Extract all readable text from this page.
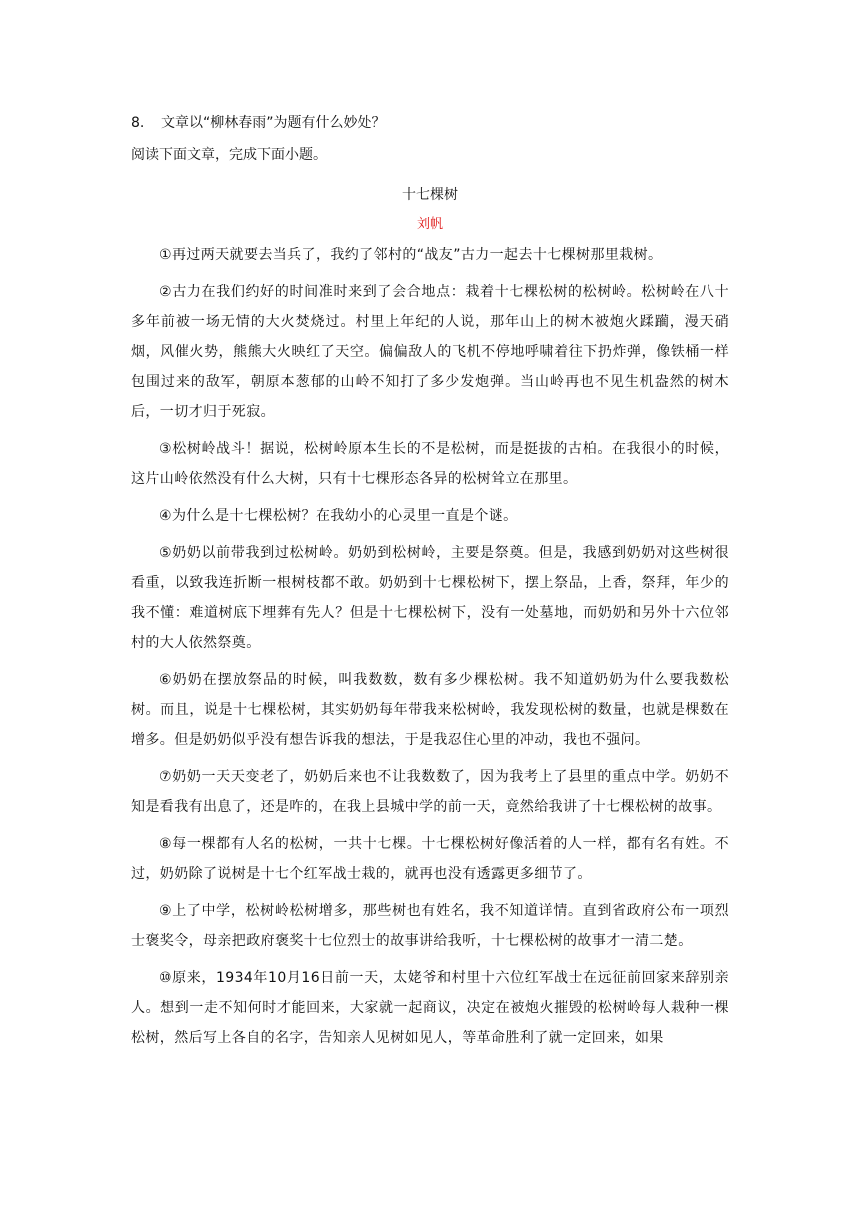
8. 文章以“柳林春雨”为题有什么妙处？
阅读下面文章，完成下面小题。
十七棵树
刘帆

①再过两天就要去当兵了，我约了邻村的“战友”古力一起去十七棵树那里栽树。

②古力在我们约好的时间准时来到了会合地点：栽着十七棵松树的松树岭。松树岭在八十多年前被一场无情的大火焚烧过。村里上年纪的人说，那年山上的树木被炮火蹂躏，漫天硝烟，风催火势，熊熊大火映红了天空。偏偏敌人的飞机不停地呼啸着往下扔炸弹，像铁桶一样包围过来的敌军，朝原本葱郁的山岭不知打了多少发炮弹。当山岭再也不见生机盎然的树木后，一切才归于死寂。

③松树岭战斗！据说，松树岭原本生长的不是松树，而是挺拔的古柏。在我很小的时候，这片山岭依然没有什么大树，只有十七棵形态各异的松树耸立在那里。

④为什么是十七棵松树？在我幼小的心灵里一直是个谜。

⑤奶奶以前带我到过松树岭。奶奶到松树岭，主要是祭奠。但是，我感到奶奶对这些树很看重，以致我连折断一根树枝都不敢。奶奶到十七棵松树下，摆上祭品，上香，祭拜，年少的我不懂：难道树底下埋葬有先人？但是十七棵松树下，没有一处墓地，而奶奶和另外十六位邻村的大人依然祭奠。

⑥奶奶在摆放祭品的时候，叫我数数，数有多少棵松树。我不知道奶奶为什么要我数松树。而且，说是十七棵松树，其实奶奶每年带我来松树岭，我发现松树的数量，也就是棵数在增多。但是奶奶似乎没有想告诉我的想法，于是我忍住心里的冲动，我也不强问。

⑦奶奶一天天变老了，奶奶后来也不让我数数了，因为我考上了县里的重点中学。奶奶不知是看我有出息了，还是咋的，在我上县城中学的前一天，竟然给我讲了十七棵松树的故事。

⑧每一棵都有人名的松树，一共十七棵。十七棵松树好像活着的人一样，都有名有姓。不过，奶奶除了说树是十七个红军战士栽的，就再也没有透露更多细节了。

⑨上了中学，松树岭松树增多，那些树也有姓名，我不知道详情。直到省政府公布一项烈士褒奖令，母亲把政府褒奖十七位烈士的故事讲给我听，十七棵松树的故事才一清二楚。

⑩原来，1934年10月16日前一天，太姥爷和村里十六位红军战士在远征前回家来辞别亲人。想到一走不知何时才能回来，大家就一起商议，决定在被炮火摧毁的松树岭每人栽种一棵松树，然后写上各自的名字，告知亲人见树如见人，等革命胜利了就一定回来，如果
